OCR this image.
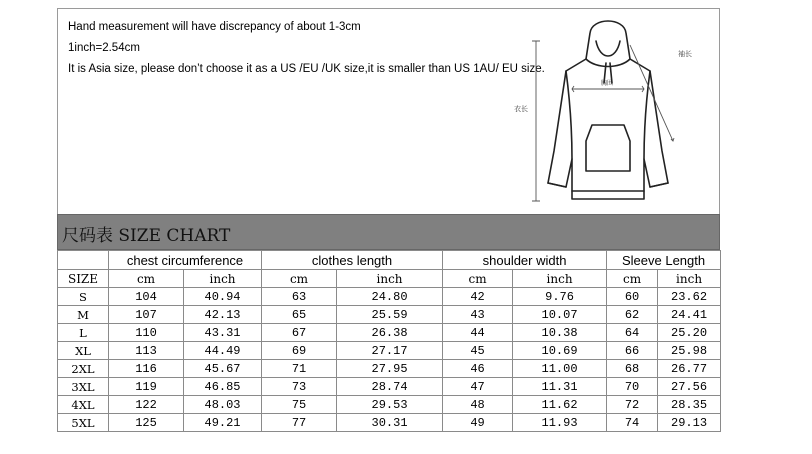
Hand measurement will have discrepancy of about 1-3cm
1inch=2.54cm
It is Asia size, please don’t choose it as a US /EU /UK size,it is smaller than US 1AU/ EU size.
衣长
胸围
袖长
尺码表 SIZE CHART
	chest circumference		clothes length		shoulder width		Sleeve Length	
SIZE	cm	inch	cm	inch	cm	inch	cm	inch
S	104	40.94	63	24.80	42	9.76	60	23.62
M	107	42.13	65	25.59	43	10.07	62	24.41
L	110	43.31	67	26.38	44	10.38	64	25.20
XL	113	44.49	69	27.17	45	10.69	66	25.98
2XL	116	45.67	71	27.95	46	11.00	68	26.77
3XL	119	46.85	73	28.74	47	11.31	70	27.56
4XL	122	48.03	75	29.53	48	11.62	72	28.35
5XL	125	49.21	77	30.31	49	11.93	74	29.13
